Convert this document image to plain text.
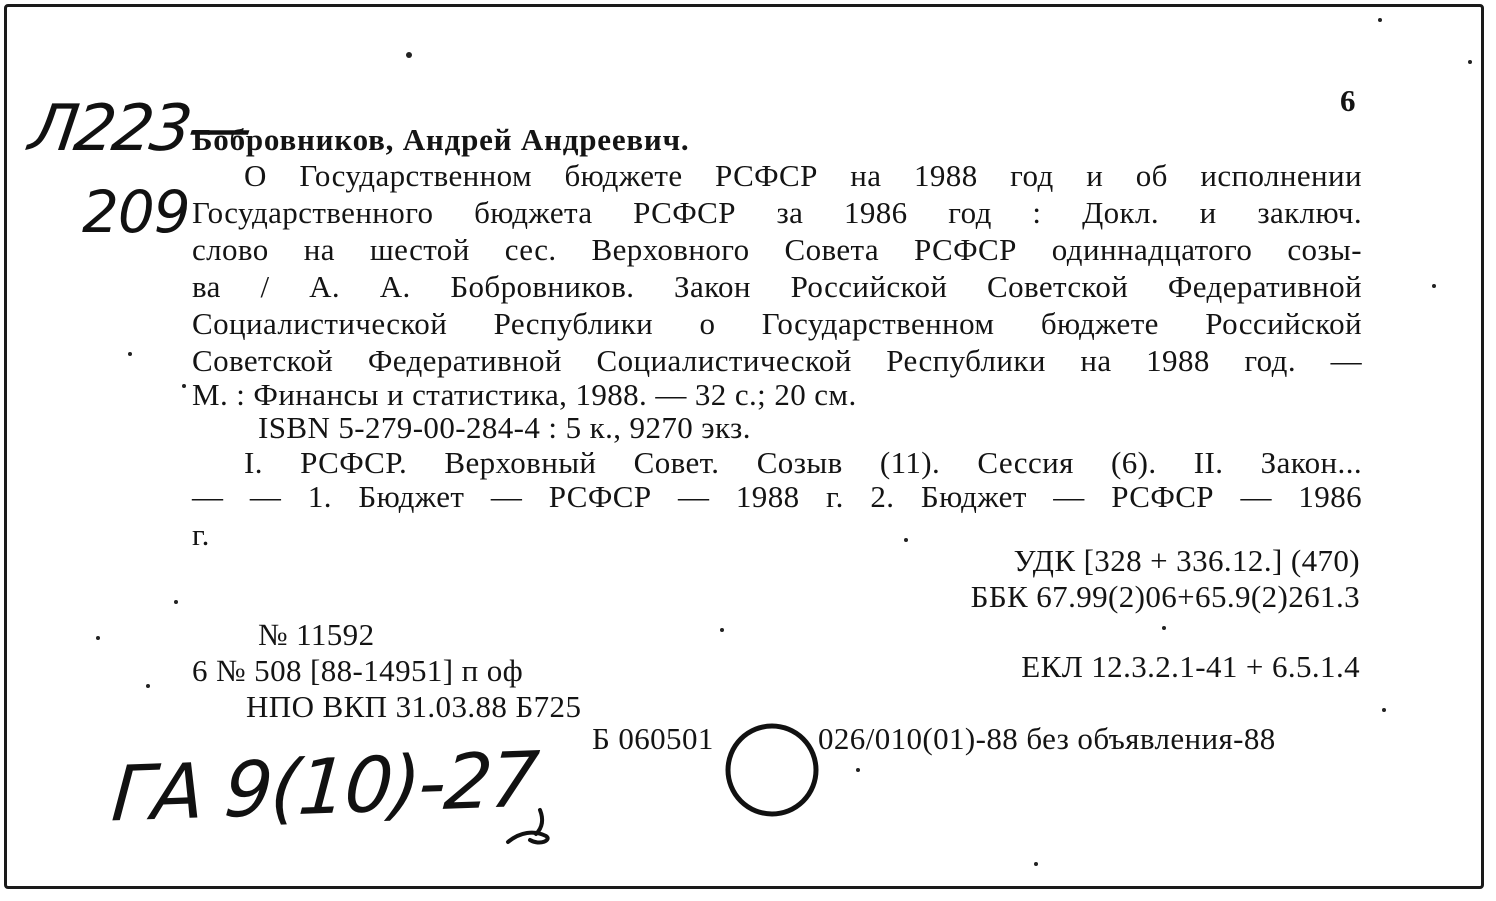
Л223—
209
ГА 9(10)-27
6
Бобровников, Андрей Андреевич.
О Государственном бюджете РСФСР на 1988 год и об исполнении
Государственного бюджета РСФСР за 1986 год : Докл. и заключ.
слово на шестой сес. Верховного Совета РСФСР одиннадцатого созы-
ва / А. А. Бобровников. Закон Российской Советской Федеративной
Социалистической Республики о Государственном бюджете Российской
Советской Федеративной Социалистической Республики на 1988 год. —
М. : Финансы и статистика, 1988. — 32 с.; 20 см.
ISBN 5-279-00-284-4 : 5 к., 9270 экз.
I. РСФСР. Верховный Совет. Созыв (11). Сессия (6). II. Закон...
— — 1. Бюджет — РСФСР — 1988 г. 2. Бюджет — РСФСР — 1986
г.
УДК [328 + 336.12.] (470)
ББК 67.99(2)06+65.9(2)261.3
№ 11592
6 № 508 [88-14951] п оф	ЕКЛ 12.3.2.1-41 + 6.5.1.4
НПО ВКП 31.03.88 Б725
Б 060501	026/010(01)-88 без объявления-88
